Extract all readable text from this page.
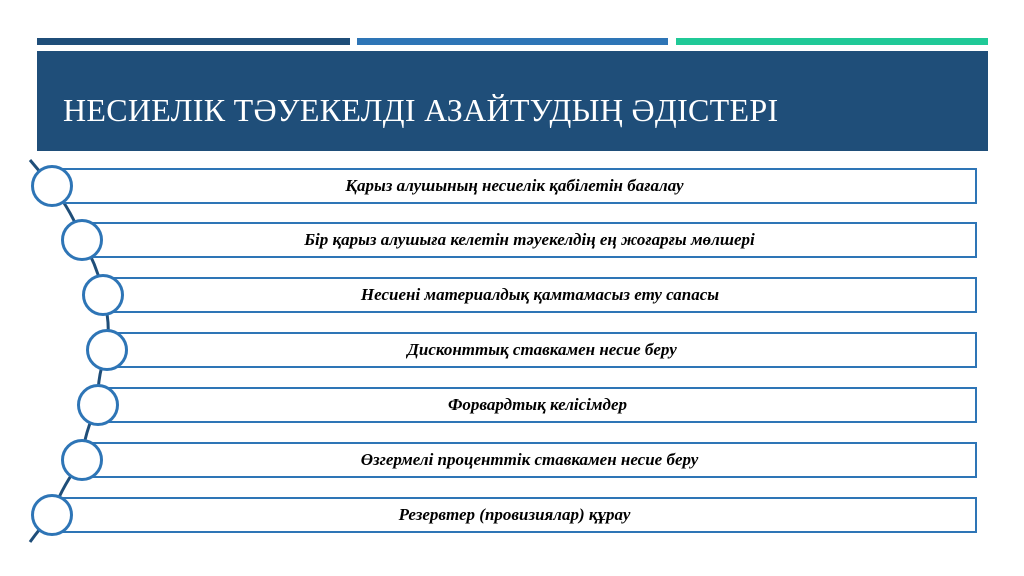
НЕСИЕЛІК ТӘУЕКЕЛДІ АЗАЙТУДЫҢ ӘДІСТЕРІ
Қарыз алушының несиелік қабілетін бағалау
Бір қарыз алушыға келетін тәуекелдің ең жоғарғы мөлшері
Несиені материалдық қамтамасыз ету сапасы
Дисконттық ставкамен несие беру
Форвардтық келісімдер
Өзгермелі проценттік ставкамен несие беру
Резервтер (провизиялар) құрау
